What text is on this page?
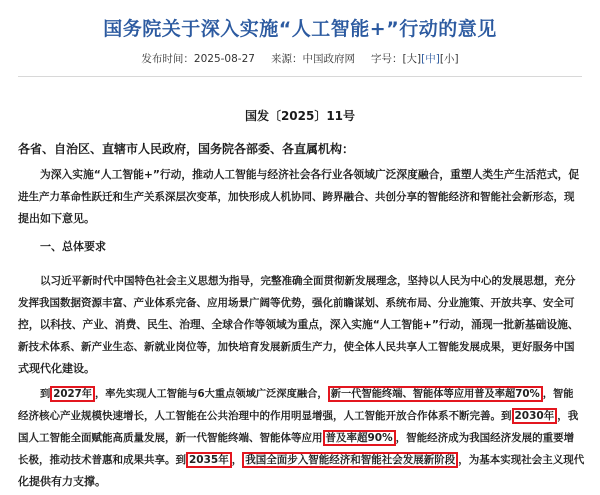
国务院关于深入实施“人工智能+”行动的意见
发布时间：2025-08-27 来源：中国政府网 字号：[大][中][小]
国发〔2025〕11号
各省、自治区、直辖市人民政府，国务院各部委、各直属机构：
为深入实施“人工智能+”行动，推动人工智能与经济社会各行业各领域广泛深度融合，重塑人类生产生活范式，促
进生产力革命性跃迁和生产关系深层次变革，加快形成人机协同、跨界融合、共创分享的智能经济和智能社会新形态，现
提出如下意见。
一、总体要求
以习近平新时代中国特色社会主义思想为指导，完整准确全面贯彻新发展理念，坚持以人民为中心的发展思想，充分
发挥我国数据资源丰富、产业体系完备、应用场景广阔等优势，强化前瞻谋划、系统布局、分业施策、开放共享、安全可
控，以科技、产业、消费、民生、治理、全球合作等领域为重点，深入实施“人工智能+”行动，涌现一批新基础设施、
新技术体系、新产业生态、新就业岗位等，加快培育发展新质生产力，使全体人民共享人工智能发展成果，更好服务中国
式现代化建设。
到 2027年 ，率先实现人工智能与6大重点领域广泛深度融合， 新一代智能终端、智能体等应用普及率超70% ，智能
经济核心产业规模快速增长，人工智能在公共治理中的作用明显增强，人工智能开放合作体系不断完善。到 2030年 ，我
国人工智能全面赋能高质量发展，新一代智能终端、智能体等应用 普及率超90% ，智能经济成为我国经济发展的重要增
长极，推动技术普惠和成果共享。到 2035年 ， 我国全面步入智能经济和智能社会发展新阶段 ，为基本实现社会主义现代
化提供有力支撑。
